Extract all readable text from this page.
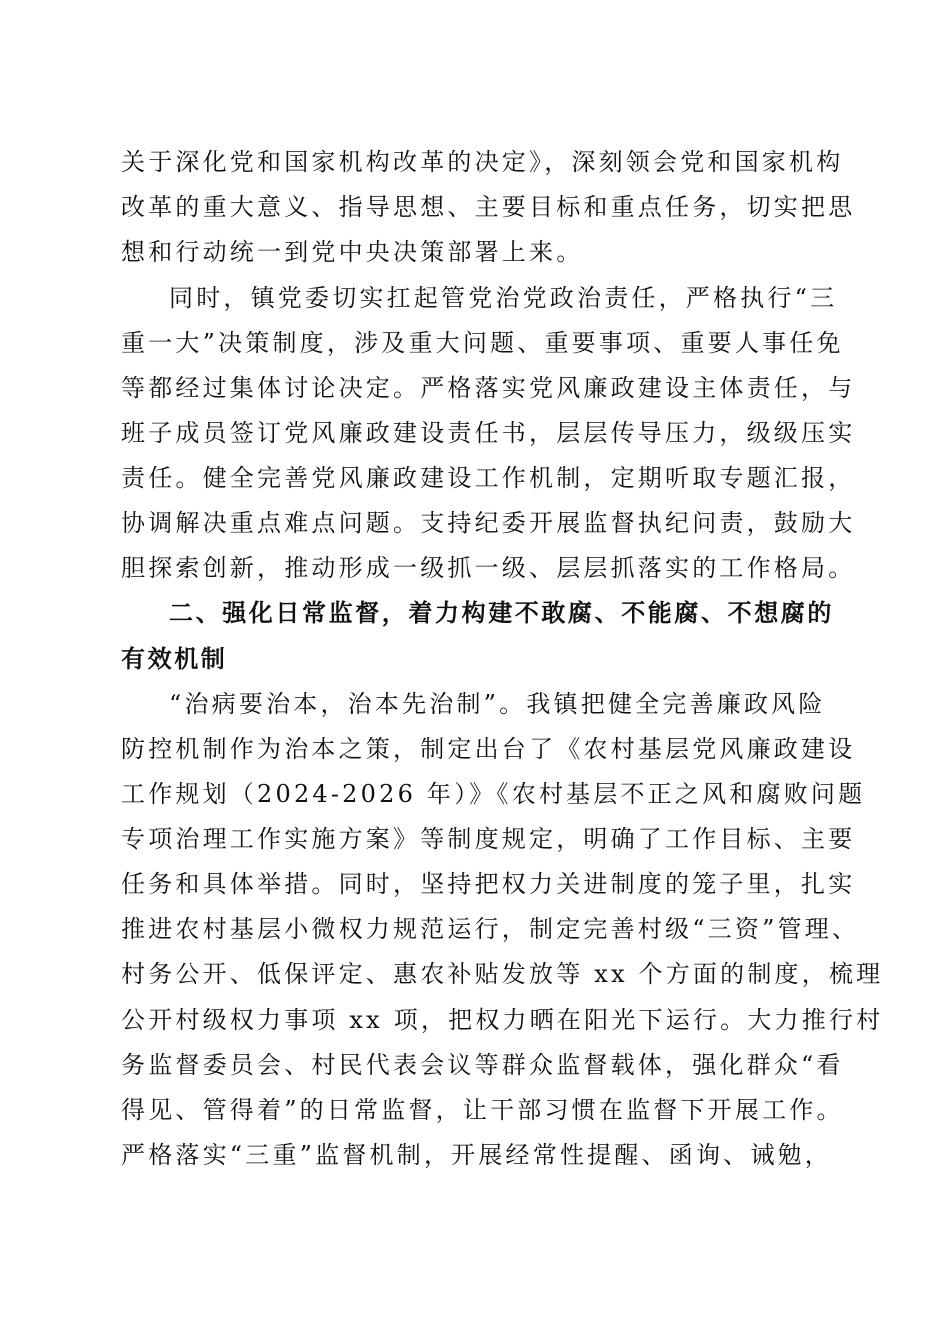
关于深化党和国家机构改革的决定》，深刻领会党和国家机构
改革的重大意义、指导思想、主要目标和重点任务，切实把思
想和行动统一到党中央决策部署上来。
同时，镇党委切实扛起管党治党政治责任，严格执行“三
重一大”决策制度，涉及重大问题、重要事项、重要人事任免
等都经过集体讨论决定。严格落实党风廉政建设主体责任，与
班子成员签订党风廉政建设责任书，层层传导压力，级级压实
责任。健全完善党风廉政建设工作机制，定期听取专题汇报，
协调解决重点难点问题。支持纪委开展监督执纪问责，鼓励大
胆探索创新，推动形成一级抓一级、层层抓落实的工作格局。
二、强化日常监督，着力构建不敢腐、不能腐、不想腐的
有效机制
“治病要治本，治本先治制”。我镇把健全完善廉政风险
防控机制作为治本之策，制定出台了《农村基层党风廉政建设
工作规划（2024-2026 年）》《农村基层不正之风和腐败问题
专项治理工作实施方案》等制度规定，明确了工作目标、主要
任务和具体举措。同时，坚持把权力关进制度的笼子里，扎实
推进农村基层小微权力规范运行，制定完善村级“三资”管理、
村务公开、低保评定、惠农补贴发放等 xx 个方面的制度，梳理
公开村级权力事项 xx 项，把权力晒在阳光下运行。大力推行村
务监督委员会、村民代表会议等群众监督载体，强化群众“看
得见、管得着”的日常监督，让干部习惯在监督下开展工作。
严格落实“三重”监督机制，开展经常性提醒、函询、诫勉，
